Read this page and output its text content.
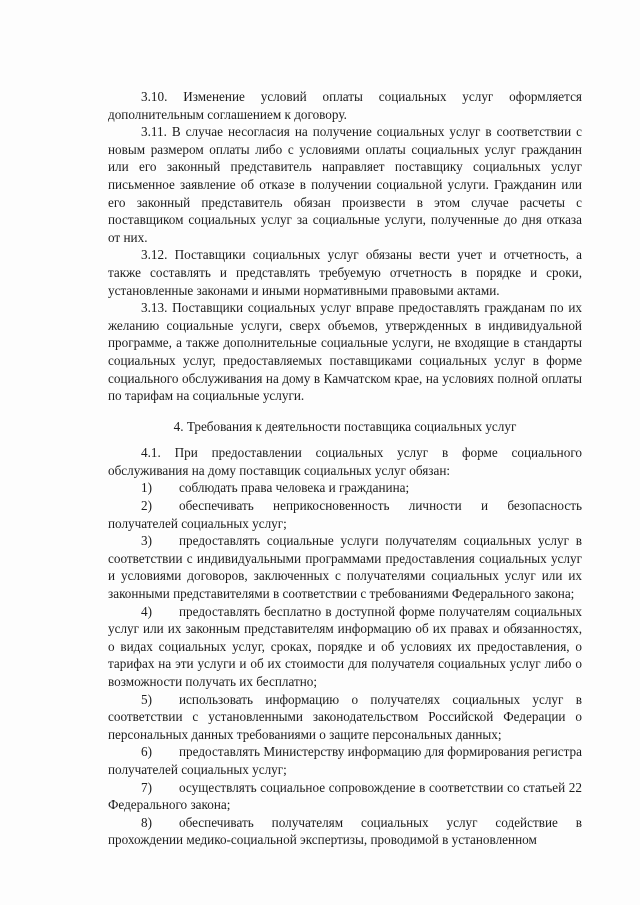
3.10. Изменение условий оплаты социальных услуг оформляется дополнительным соглашением к договору.

3.11. В случае несогласия на получение социальных услуг в соответствии с новым размером оплаты либо с условиями оплаты социальных услуг гражданин или его законный представитель направляет поставщику социальных услуг письменное заявление об отказе в получении социальной услуги. Гражданин или его законный представитель обязан произвести в этом случае расчеты с поставщиком социальных услуг за социальные услуги, полученные до дня отказа от них.

3.12. Поставщики социальных услуг обязаны вести учет и отчетность, а также составлять и представлять требуемую отчетность в порядке и сроки, установленные законами и иными нормативными правовыми актами.

3.13. Поставщики социальных услуг вправе предоставлять гражданам по их желанию социальные услуги, сверх объемов, утвержденных в индивидуальной программе, а также дополнительные социальные услуги, не входящие в стандарты социальных услуг, предоставляемых поставщиками социальных услуг в форме социального обслуживания на дому в Камчатском крае, на условиях полной оплаты по тарифам на социальные услуги.

4. Требования к деятельности поставщика социальных услуг

4.1. При предоставлении социальных услуг в форме социального обслуживания на дому поставщик социальных услуг обязан:

1) соблюдать права человека и гражданина;

2) обеспечивать неприкосновенность личности и безопасность получателей социальных услуг;

3) предоставлять социальные услуги получателям социальных услуг в соответствии с индивидуальными программами предоставления социальных услуг и условиями договоров, заключенных с получателями социальных услуг или их законными представителями в соответствии с требованиями Федерального закона;

4) предоставлять бесплатно в доступной форме получателям социальных услуг или их законным представителям информацию об их правах и обязанностях, о видах социальных услуг, сроках, порядке и об условиях их предоставления, о тарифах на эти услуги и об их стоимости для получателя социальных услуг либо о возможности получать их бесплатно;

5) использовать информацию о получателях социальных услуг в соответствии с установленными законодательством Российской Федерации о персональных данных требованиями о защите персональных данных;

6) предоставлять Министерству информацию для формирования регистра получателей социальных услуг;

7) осуществлять социальное сопровождение в соответствии со статьей 22 Федерального закона;

8) обеспечивать получателям социальных услуг содействие в прохождении медико-социальной экспертизы, проводимой в установленном
